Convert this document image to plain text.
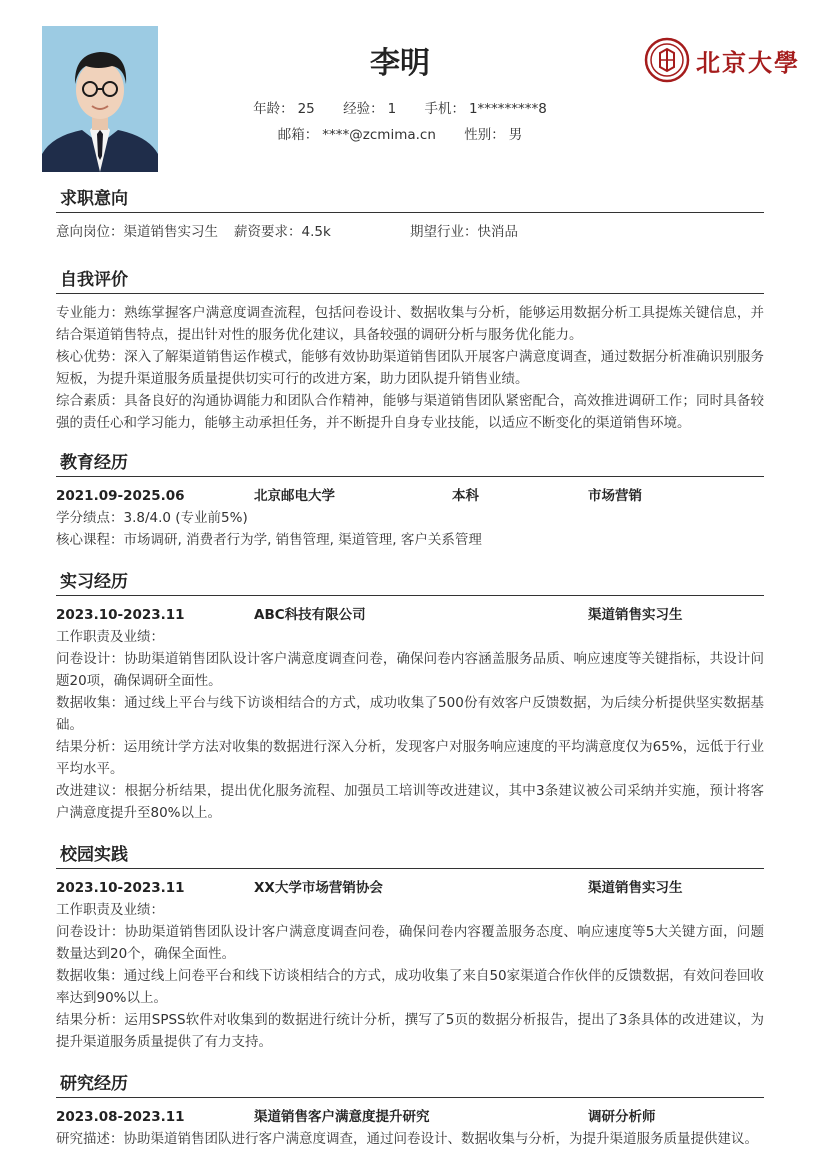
李明
年龄： 25 经验： 1 手机： 1*********8
邮箱： ****@zcmima.cn 性别： 男
北京大學
求职意向
意向岗位：渠道销售实习生 薪资要求：4.5k	期望行业：快消品
自我评价
专业能力：熟练掌握客户满意度调查流程，包括问卷设计、数据收集与分析，能够运用数据分析工具提炼关键信息，并结合渠道销售特点，提出针对性的服务优化建议，具备较强的调研分析与服务优化能力。
核心优势：深入了解渠道销售运作模式，能够有效协助渠道销售团队开展客户满意度调查，通过数据分析准确识别服务短板，为提升渠道服务质量提供切实可行的改进方案，助力团队提升销售业绩。
综合素质：具备良好的沟通协调能力和团队合作精神，能够与渠道销售团队紧密配合，高效推进调研工作；同时具备较强的责任心和学习能力，能够主动承担任务，并不断提升自身专业技能，以适应不断变化的渠道销售环境。
教育经历
2021.09-2025.06	北京邮电大学	本科	市场营销
学分绩点：3.8/4.0 (专业前5%)
核心课程：市场调研, 消费者行为学, 销售管理, 渠道管理, 客户关系管理
实习经历
2023.10-2023.11	ABC科技有限公司	渠道销售实习生
工作职责及业绩：
问卷设计：协助渠道销售团队设计客户满意度调查问卷，确保问卷内容涵盖服务品质、响应速度等关键指标，共设计问题20项，确保调研全面性。
数据收集：通过线上平台与线下访谈相结合的方式，成功收集了500份有效客户反馈数据，为后续分析提供坚实数据基础。
结果分析：运用统计学方法对收集的数据进行深入分析，发现客户对服务响应速度的平均满意度仅为65%，远低于行业平均水平。
改进建议：根据分析结果，提出优化服务流程、加强员工培训等改进建议，其中3条建议被公司采纳并实施，预计将客户满意度提升至80%以上。
校园实践
2023.10-2023.11	XX大学市场营销协会	渠道销售实习生
工作职责及业绩：
问卷设计：协助渠道销售团队设计客户满意度调查问卷，确保问卷内容覆盖服务态度、响应速度等5大关键方面，问题数量达到20个，确保全面性。
数据收集：通过线上问卷平台和线下访谈相结合的方式，成功收集了来自50家渠道合作伙伴的反馈数据，有效问卷回收率达到90%以上。
结果分析：运用SPSS软件对收集到的数据进行统计分析，撰写了5页的数据分析报告，提出了3条具体的改进建议，为提升渠道服务质量提供了有力支持。
研究经历
2023.08-2023.11	渠道销售客户满意度提升研究	调研分析师
研究描述：协助渠道销售团队进行客户满意度调查，通过问卷设计、数据收集与分析，为提升渠道服务质量提供建议。
